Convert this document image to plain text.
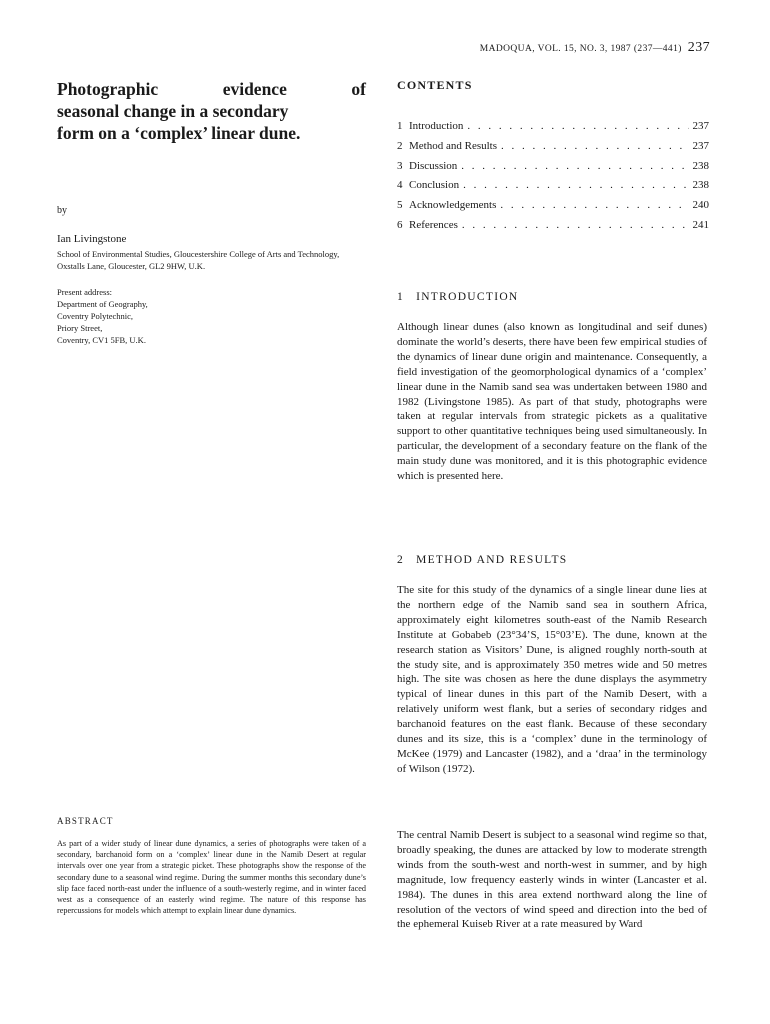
MADOQUA, VOL. 15, NO. 3, 1987 (237—441) 237
Photographic	evidence	of
seasonal change in a secondary
form on a ‘complex’ linear dune.
by
Ian Livingstone
School of Environmental Studies, Gloucestershire College of Arts and Technology, Oxstalls Lane, Gloucester, GL2 9HW, U.K.
Present address:
Department of Geography,
Coventry Polytechnic,
Priory Street,
Coventry, CV1 5FB, U.K.
ABSTRACT

As part of a wider study of linear dune dynamics, a series of photographs were taken of a secondary, barchanoid form on a ‘complex’ linear dune in the Namib Desert at regular intervals over one year from a strategic picket. These photographs show the response of the secondary dune to a seasonal wind regime. During the summer months this secondary dune’s slip face faced north-east under the influence of a south-westerly regime, and in winter faced west as a consequence of an easterly wind regime. The nature of this response has repercussions for models which attempt to explain linear dune dynamics.

CONTENTS
1 Introduction . . .	237
2 Method and Results . . .	237
3 Discussion . . .	238
4 Conclusion . . .	238
5 Acknowledgements . . .	240
6 References . . .	241
1 INTRODUCTION

Although linear dunes (also known as longitudinal and seif dunes) dominate the world’s deserts, there have been few empirical studies of the dynamics of linear dune origin and maintenance. Consequently, a field investigation of the geomorphological dynamics of a ‘complex’ linear dune in the Namib sand sea was undertaken between 1980 and 1982 (Livingstone 1985). As part of that study, photographs were taken at regular intervals from strategic pickets as a qualitative support to other quantitative techniques being used simultaneously. In particular, the development of a secondary feature on the flank of the main study dune was monitored, and it is this photographic evidence which is presented here.

2 METHOD AND RESULTS

The site for this study of the dynamics of a single linear dune lies at the northern edge of the Namib sand sea in southern Africa, approximately eight kilometres south-east of the Namib Research Institute at Gobabeb (23°34’S, 15°03’E). The dune, known at the research station as Visitors’ Dune, is aligned roughly north-south at the study site, and is approximately 350 metres wide and 50 metres high. The site was chosen as here the dune displays the asymmetry typical of linear dunes in this part of the Namib Desert, with a relatively uniform west flank, but a series of secondary ridges and barchanoid features on the east flank. Because of these secondary dunes and its size, this is a ‘complex’ dune in the terminology of McKee (1979) and Lancaster (1982), and a ‘draa’ in the terminology of Wilson (1972).

The central Namib Desert is subject to a seasonal wind regime so that, broadly speaking, the dunes are attacked by low to moderate strength winds from the south-west and north-west in summer, and by high magnitude, low frequency easterly winds in winter (Lancaster et al. 1984). The dunes in this area extend northward along the line of resolution of the vectors of wind speed and direction into the bed of the ephemeral Kuiseb River at a rate measured by Ward
